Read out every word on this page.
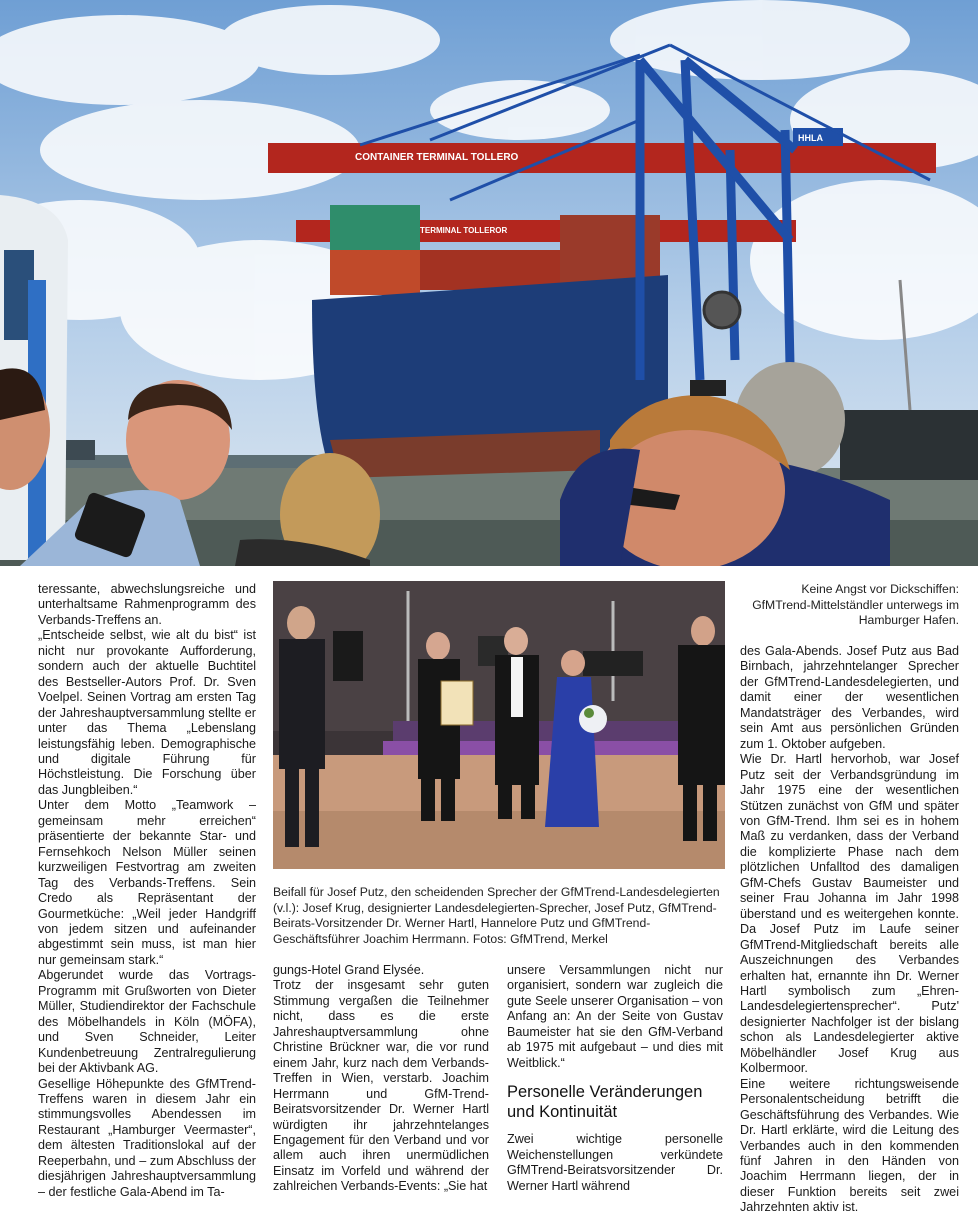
CONTAINER TERMINAL TOLLERO
TERMINAL TOLLEROR
HHLA
Keine Angst vor Dickschiffen: GfMTrend-Mittelständler unterwegs im Hamburger Hafen.

teressante, abwechslungsreiche und unterhaltsame Rahmenprogramm des Verbands-Treffens an.

„Entscheide selbst, wie alt du bist“ ist nicht nur provokante Aufforderung, sondern auch der aktuelle Buchtitel des Bestseller-Autors Prof. Dr. Sven Voelpel. Seinen Vortrag am ersten Tag der Jahreshauptversammlung stellte er unter das Thema „Lebenslang leistungsfähig leben. Demographische und digitale Führung für Höchstleistung. Die Forschung über das Jungbleiben.“

Unter dem Motto „Teamwork – gemeinsam mehr erreichen“ präsentierte der bekannte Star- und Fernsehkoch Nelson Müller seinen kurzweiligen Festvortrag am zweiten Tag des Verbands-Treffens. Sein Credo als Repräsentant der Gourmetküche: „Weil jeder Handgriff von jedem sitzen und aufeinander abgestimmt sein muss, ist man hier nur gemeinsam stark.“

Abgerundet wurde das Vortrags-Programm mit Grußworten von Dieter Müller, Studiendirektor der Fachschule des Möbelhandels in Köln (MÖFA), und Sven Schneider, Leiter Kundenbetreuung Zentralregulierung bei der Aktivbank AG.

Gesellige Höhepunkte des GfMTrend-Treffens waren in diesem Jahr ein stimmungsvolles Abendessen im Restaurant „Hamburger Veermaster“, dem ältesten Traditionslokal auf der Reeperbahn, und – zum Abschluss der diesjährigen Jahreshauptversammlung – der festliche Gala-Abend im Ta-

Beifall für Josef Putz, den scheidenden Sprecher der GfMTrend-Landesdelegierten (v.l.): Josef Krug, designierter Landesdelegierten-Sprecher, Josef Putz, GfMTrend-Beirats-Vorsitzender Dr. Werner Hartl, Hannelore Putz und GfMTrend-Geschäftsführer Joachim Herrmann. Fotos: GfMTrend, Merkel

gungs-Hotel Grand Elysée.

Trotz der insgesamt sehr guten Stimmung vergaßen die Teilnehmer nicht, dass es die erste Jahreshauptversammlung ohne Christine Brückner war, die vor rund einem Jahr, kurz nach dem Verbands-Treffen in Wien, verstarb. Joachim Herrmann und GfM-Trend-Beiratsvorsitzender Dr. Werner Hartl würdigten ihr jahrzehntelanges Engagement für den Verband und vor allem auch ihren unermüdlichen Einsatz im Vorfeld und während der zahlreichen Verbands-Events: „Sie hat

unsere Versammlungen nicht nur organisiert, sondern war zugleich die gute Seele unserer Organisation – von Anfang an: An der Seite von Gustav Baumeister hat sie den GfM-Verband ab 1975 mit aufgebaut – und dies mit Weitblick.“

Personelle Veränderungen und Kontinuität

Zwei wichtige personelle Weichenstellungen verkündete GfMTrend-Beiratsvorsitzender Dr. Werner Hartl während

des Gala-Abends. Josef Putz aus Bad Birnbach, jahrzehntelanger Sprecher der GfMTrend-Landesdelegierten, und damit einer der wesentlichen Mandatsträger des Verbandes, wird sein Amt aus persönlichen Gründen zum 1. Oktober aufgeben.

Wie Dr. Hartl hervorhob, war Josef Putz seit der Verbandsgründung im Jahr 1975 eine der wesentlichen Stützen zunächst von GfM und später von GfM-Trend. Ihm sei es in hohem Maß zu verdanken, dass der Verband die komplizierte Phase nach dem plötzlichen Unfalltod des damaligen GfM-Chefs Gustav Baumeister und seiner Frau Johanna im Jahr 1998 überstand und es weitergehen konnte. Da Josef Putz im Laufe seiner GfMTrend-Mitgliedschaft bereits alle Auszeichnungen des Verbandes erhalten hat, ernannte ihn Dr. Werner Hartl symbolisch zum „Ehren-Landesdelegiertensprecher“. Putz' designierter Nachfolger ist der bislang schon als Landesdelegierter aktive Möbelhändler Josef Krug aus Kolbermoor.

Eine weitere richtungsweisende Personalentscheidung betrifft die Geschäftsführung des Verbandes. Wie Dr. Hartl erklärte, wird die Leitung des Verbandes auch in den kommenden fünf Jahren in den Händen von Joachim Herrmann liegen, der in dieser Funktion bereits seit zwei Jahrzehnten aktiv ist.
